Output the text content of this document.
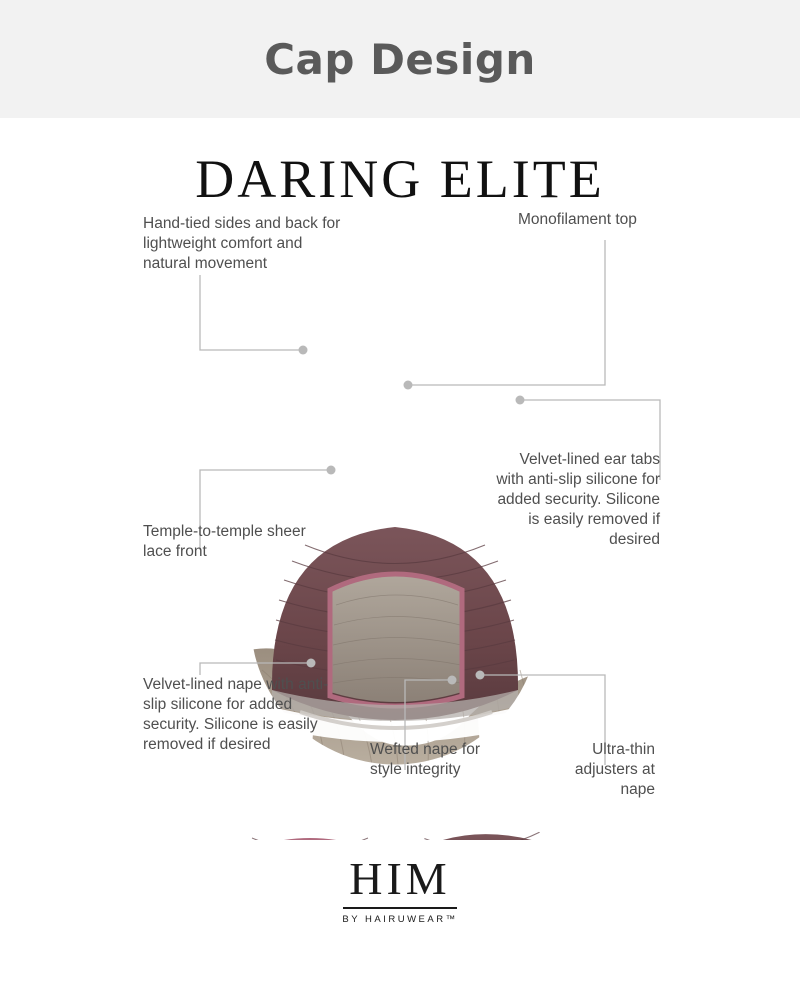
Cap Design
DARING ELITE
Hand-tied sides and back for lightweight comfort and natural movement
Monofilament top
Velvet-lined ear tabs with anti-slip silicone for added security. Silicone is easily removed if desired
Temple-to-temple sheer lace front
Velvet-lined nape with anti-slip silicone for added security. Silicone is easily removed if desired	Wefted nape for style integrity
Ultra-thin adjusters at nape
HIM
BY HAIRUWEAR™
